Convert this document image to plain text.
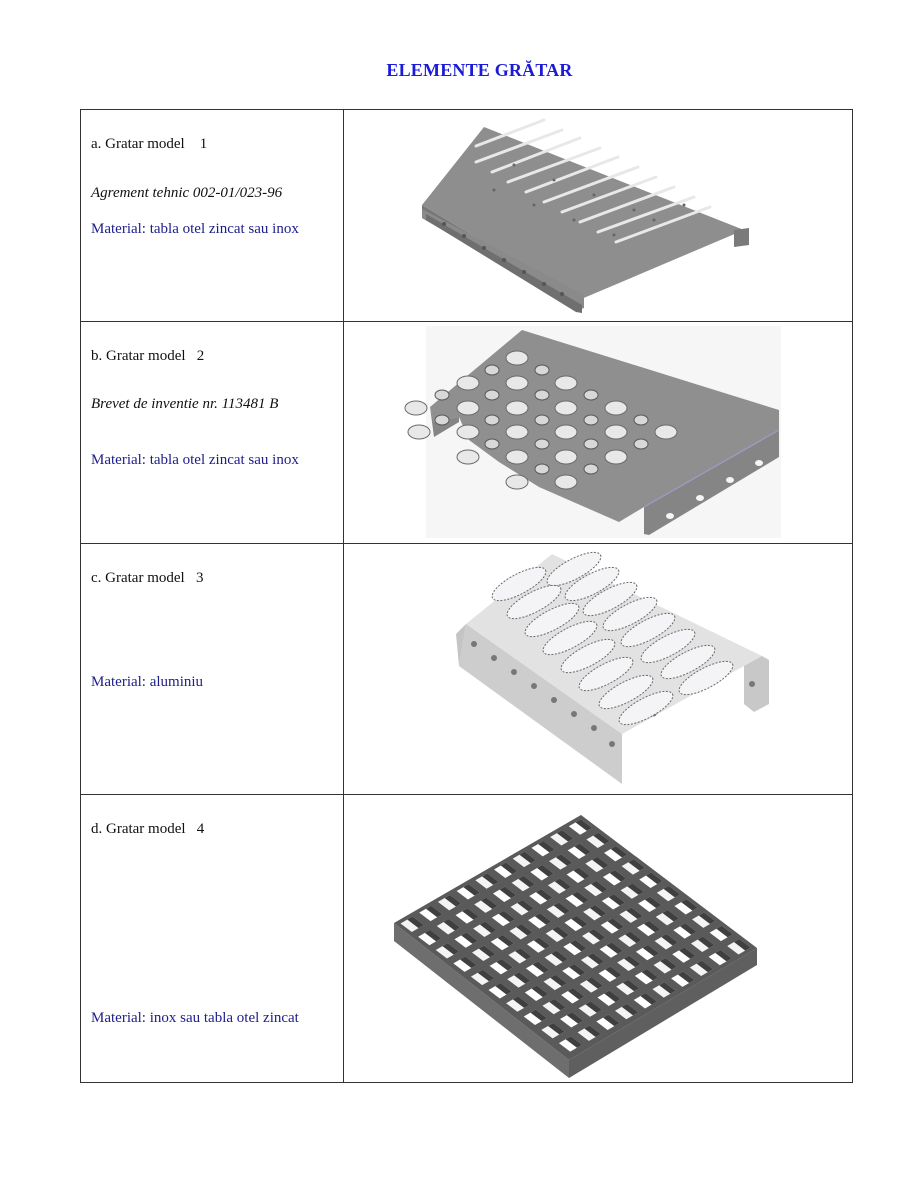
ELEMENTE GRĂTAR
a. Gratar model    1
Agrement tehnic 002-01/023-96
Material: tabla otel zincat sau inox

b. Gratar model   2
Brevet de inventie nr. 113481 B
Material: tabla otel zincat sau inox

c. Gratar model   3
Material: aluminiu

d. Gratar model   4
Material: inox sau tabla otel zincat
